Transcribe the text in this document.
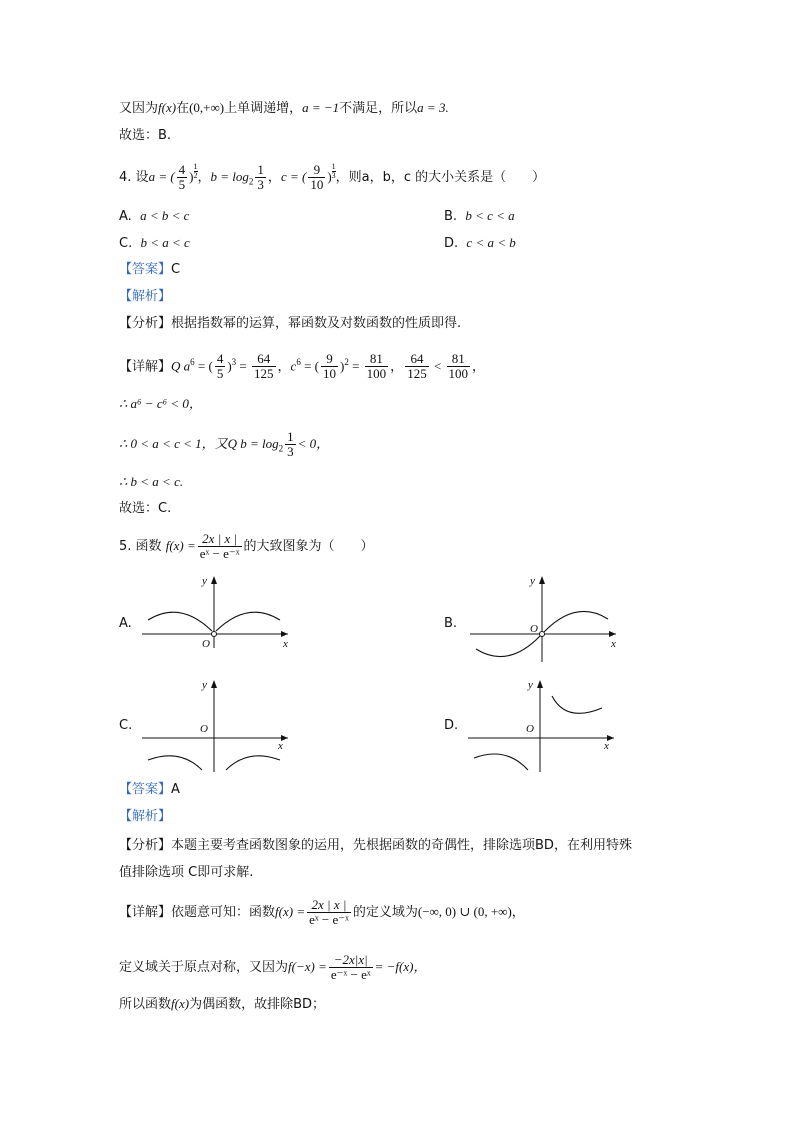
又因为f(x)在(0,+∞)上单调递增，a = −1不满足，所以a = 3.
故选：B.
4. 设a = ( $\frac{4}{5}$ ) $\frac{1}{2}$ ，$b = \log_2 \frac{1}{3}$ ，c = ( $\frac{9}{10}$ ) $\frac{1}{3}$ ，则a，b，c 的大小关系是（　　）
A. a < b < c	B. b < c < a
C. b < a < c	D. c < a < b
【答案】C
【解析】
【分析】根据指数幂的运算，幂函数及对数函数的性质即得.
【详解】Q $a^6$ = ( $\frac{4}{5} )^3 = \frac{64}{125}$ ，$c^6$ = ( $\frac{9}{10} )^2 = \frac{81}{100}$ ， $\frac{64}{125} < \frac{81}{100}$ ，
∴ a⁶ − c⁶ < 0，
∴ 0 < a < c < 1，又Q $b = \log_2 \frac{1}{3} < 0$，
∴ b < a < c.
故选：C.
5. 函数 $f(x) = \frac{2x | x |}{\text{eˣ − e⁻ˣ}}$ 的大致图象为（　　）
A.
y
O	x
B.
y
O
x
C.
y
O
x
D.
y
O
x
【答案】A
【解析】
【分析】本题主要考查函数图象的运用，先根据函数的奇偶性，排除选项BD，在利用特殊
值排除选项 C即可求解.
【详解】依题意可知：函数$f(x) = \frac{2x | x |}{\text{eˣ − e⁻ˣ}}$ 的定义域为(−∞, 0) ∪ (0, +∞)，
定义域关于原点对称，又因为$f(-x) = \frac{-2x|x|}{\text{e⁻ˣ − eˣ}} = -f(x)$，
所以函数f(x)为偶函数，故排除BD；
